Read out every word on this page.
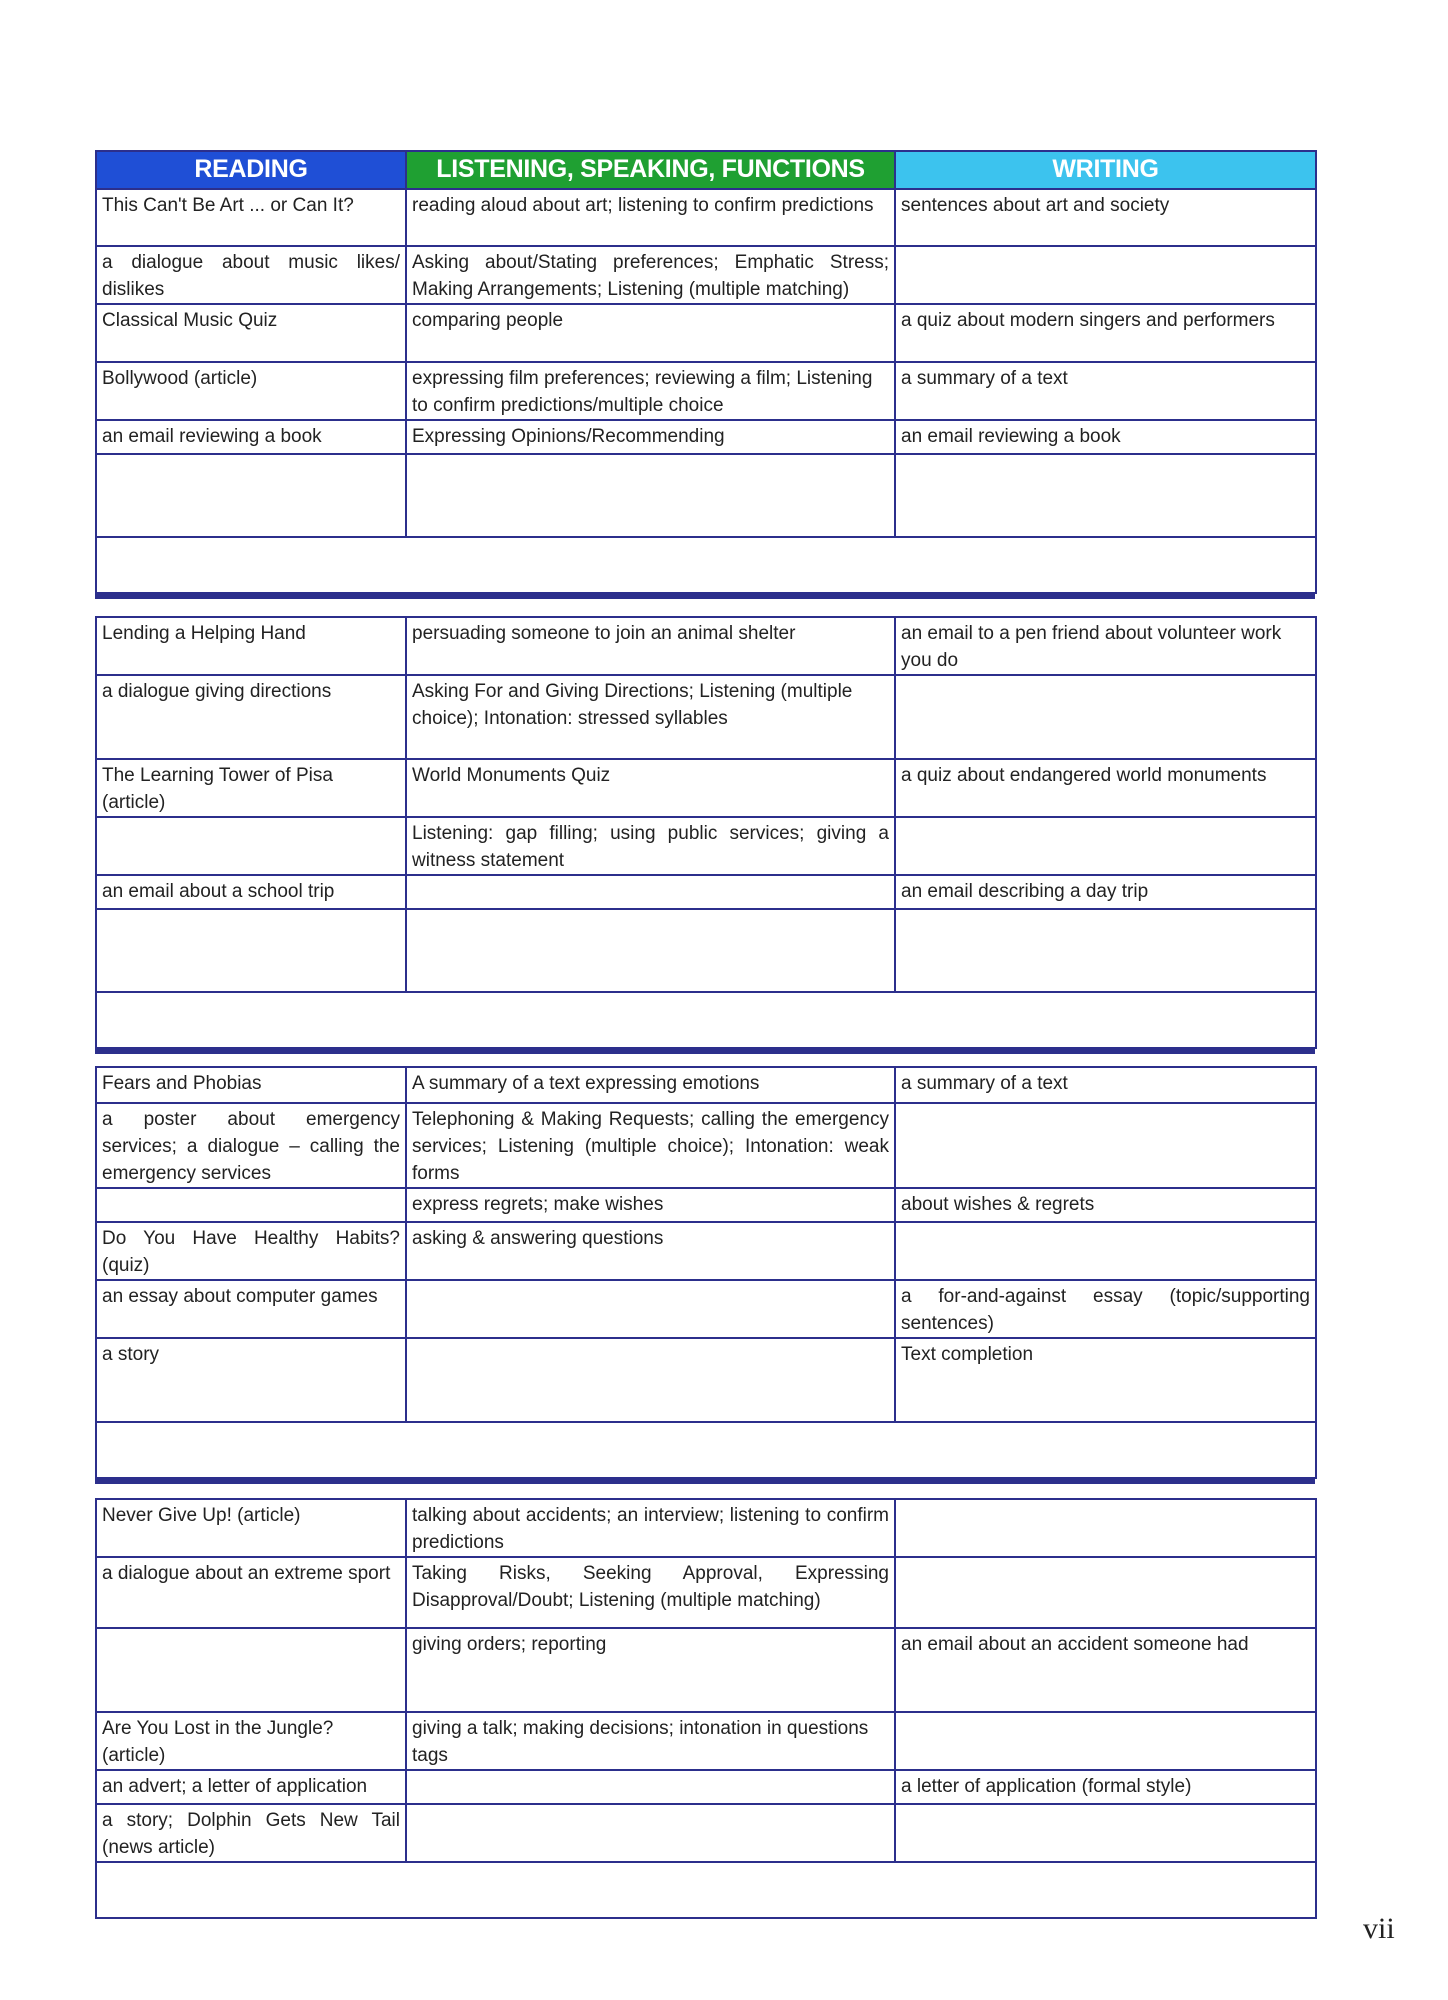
READING	LISTENING, SPEAKING, FUNCTIONS	WRITING
This Can't Be Art ... or Can It?	reading aloud about art; listening to confirm predictions	sentences about art and society
a dialogue about music likes/ dislikes	Asking about/Stating preferences; Emphatic Stress; Making Arrangements; Listening (multiple matching)	
Classical Music Quiz	comparing people	a quiz about modern singers and performers
Bollywood (article)	expressing film preferences; reviewing a film; Listening to confirm predictions/multiple choice	a summary of a text
an email reviewing a book	Expressing Opinions/Recommending	an email reviewing a book

Lending a Helping Hand	persuading someone to join an animal shelter	an email to a pen friend about volunteer work you do
a dialogue giving directions	Asking For and Giving Directions; Listening (multiple choice); Intonation: stressed syllables	
The Learning Tower of Pisa (article)	World Monuments Quiz	a quiz about endangered world monuments
	Listening: gap filling; using public services; giving a witness statement	
an email about a school trip		an email describing a day trip

Fears and Phobias	A summary of a text expressing emotions	a summary of a text
a poster about emergency services; a dialogue – calling the emergency services	Telephoning & Making Requests; calling the emergency services; Listening (multiple choice); Intonation: weak forms	
	express regrets; make wishes	about wishes & regrets
Do You Have Healthy Habits? (quiz)	asking & answering questions	
an essay about computer games		a for-and-against essay (topic/supporting sentences)
a story		Text completion

Never Give Up! (article)	talking about accidents; an interview; listening to confirm predictions	
a dialogue about an extreme sport	Taking Risks, Seeking Approval, Expressing Disapproval/Doubt; Listening (multiple matching)	
	giving orders; reporting	an email about an accident someone had
Are You Lost in the Jungle? (article)	giving a talk; making decisions; intonation in questions tags	
an advert; a letter of application		a letter of application (formal style)
a story; Dolphin Gets New Tail (news article)		

vii
